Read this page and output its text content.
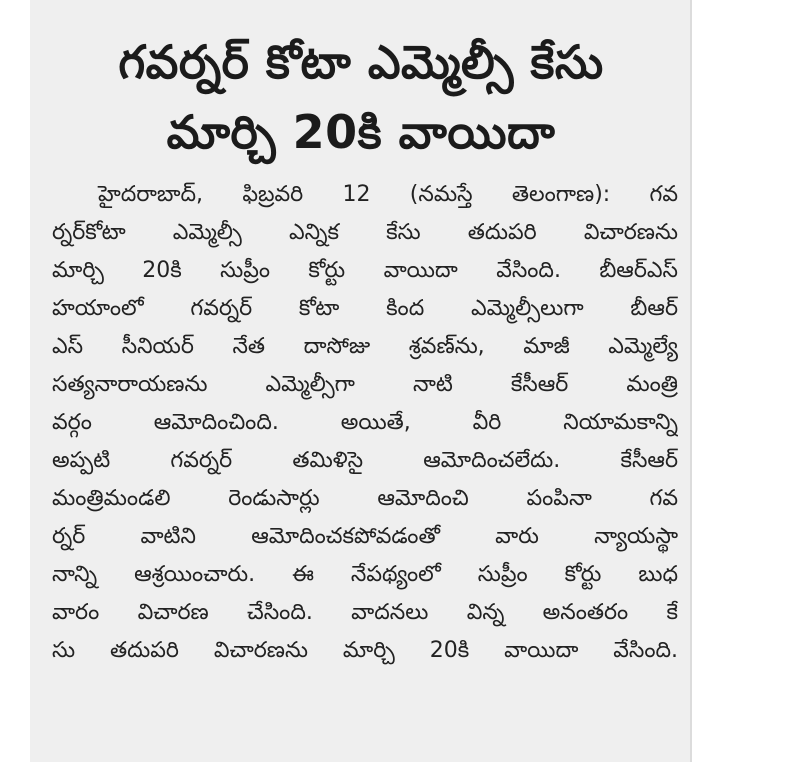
గవర్నర్ కోటా ఎమ్మెల్సీ కేసు
మార్చి 20కి వాయిదా
హైదరాబాద్, ఫిబ్రవరి 12 (నమస్తే తెలంగాణ): గవ
ర్నర్‌కోటా ఎమ్మెల్సీ ఎన్నిక కేసు తదుపరి విచారణను
మార్చి 20కి సుప్రీం కోర్టు వాయిదా వేసింది. బీఆర్‌ఎస్
హయాంలో గవర్నర్ కోటా కింద ఎమ్మెల్సీలుగా బీఆర్
ఎస్ సీనియర్ నేత దాసోజు శ్రవణ్‌ను, మాజీ ఎమ్మెల్యే
సత్యనారాయణను ఎమ్మెల్సీగా నాటి కేసీఆర్ మంత్రి
వర్గం ఆమోదించింది. అయితే, వీరి నియామకాన్ని
అప్పటి గవర్నర్ తమిళిసై ఆమోదించలేదు. కేసీఆర్
మంత్రిమండలి రెండుసార్లు ఆమోదించి పంపినా గవ
ర్నర్ వాటిని ఆమోదించకపోవడంతో వారు న్యాయస్థా
నాన్ని ఆశ్రయించారు. ఈ నేపథ్యంలో సుప్రీం కోర్టు బుధ
వారం విచారణ చేసింది. వాదనలు విన్న అనంతరం కే
సు తదుపరి విచారణను మార్చి 20కి వాయిదా వేసింది.
